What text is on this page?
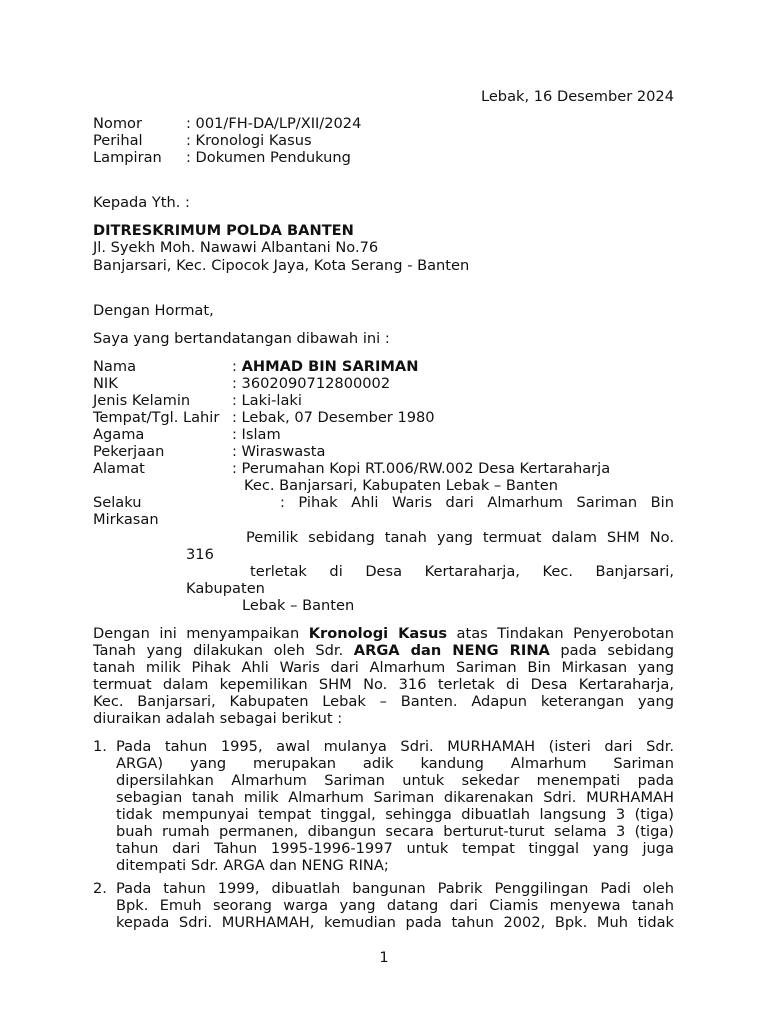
Lebak, 16 Desember 2024
Nomor	: 001/FH-DA/LP/XII/2024
Perihal	: Kronologi Kasus
Lampiran : Dokumen Pendukung
Kepada Yth. :
DITRESKRIMUM POLDA BANTEN
Jl. Syekh Moh. Nawawi Albantani No.76
Banjarsari, Kec. Cipocok Jaya, Kota Serang - Banten
Dengan Hormat,
Saya yang bertandatangan dibawah ini :
Nama	: AHMAD BIN SARIMAN
NIK	: 3602090712800002
Jenis Kelamin	: Laki-laki
Tempat/Tgl. Lahir : Lebak, 07 Desember 1980
Agama	: Islam
Pekerjaan	: Wiraswasta
Alamat	: Perumahan Kopi RT.006/RW.002 Desa Kertaraharja
Kec. Banjarsari, Kabupaten Lebak – Banten
Selaku	: Pihak Ahli Waris dari Almarhum Sariman Bin
Mirkasan
Pemilik sebidang tanah yang termuat dalam SHM No.
316
terletak di Desa Kertaraharja, Kec. Banjarsari,
Kabupaten
Lebak – Banten
Dengan ini menyampaikan Kronologi Kasus atas Tindakan Penyerobotan
Tanah yang dilakukan oleh Sdr. ARGA dan NENG RINA pada sebidang
tanah milik Pihak Ahli Waris dari Almarhum Sariman Bin Mirkasan yang
termuat dalam kepemilikan SHM No. 316 terletak di Desa Kertaraharja,
Kec. Banjarsari, Kabupaten Lebak – Banten. Adapun keterangan yang
diuraikan adalah sebagai berikut :
1. Pada tahun 1995, awal mulanya Sdri. MURHAMAH (isteri dari Sdr.
ARGA) yang merupakan adik kandung Almarhum Sariman
dipersilahkan Almarhum Sariman untuk sekedar menempati pada
sebagian tanah milik Almarhum Sariman dikarenakan Sdri. MURHAMAH
tidak mempunyai tempat tinggal, sehingga dibuatlah langsung 3 (tiga)
buah rumah permanen, dibangun secara berturut-turut selama 3 (tiga)
tahun dari Tahun 1995-1996-1997 untuk tempat tinggal yang juga
ditempati Sdr. ARGA dan NENG RINA;
2. Pada tahun 1999, dibuatlah bangunan Pabrik Penggilingan Padi oleh
Bpk. Emuh seorang warga yang datang dari Ciamis menyewa tanah
kepada Sdri. MURHAMAH, kemudian pada tahun 2002, Bpk. Muh tidak
1
